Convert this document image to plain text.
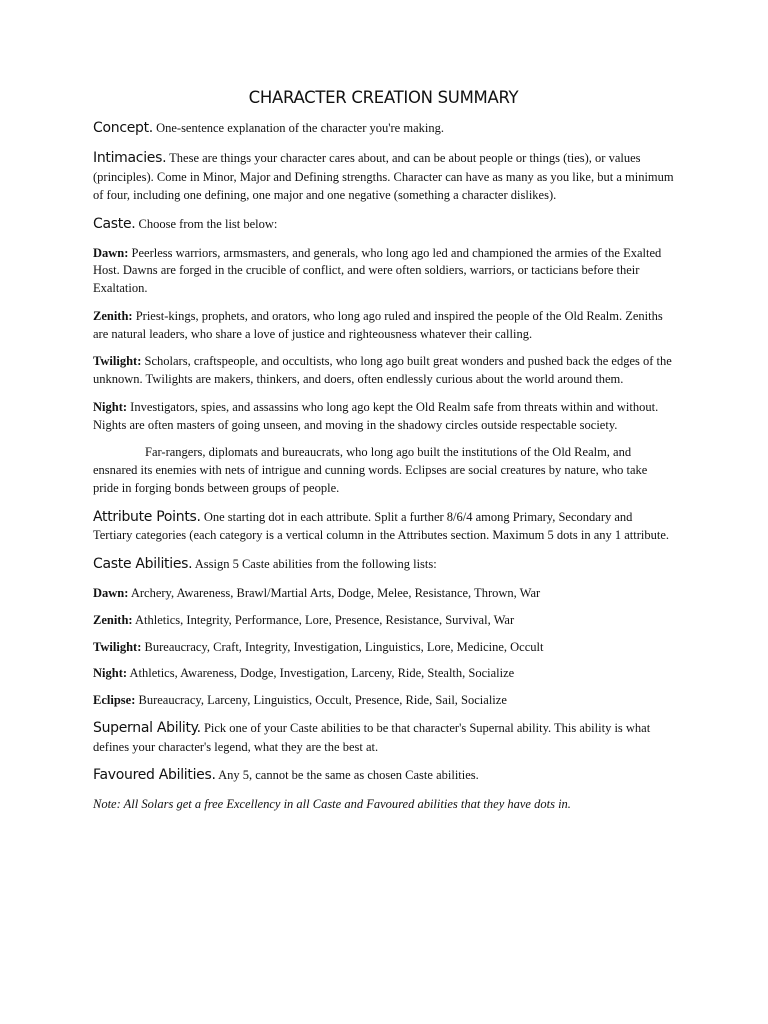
CHARACTER CREATION SUMMARY
Concept. One-sentence explanation of the character you're making.
Intimacies. These are things your character cares about, and can be about people or things (ties), or values (principles). Come in Minor, Major and Defining strengths. Character can have as many as you like, but a minimum of four, including one defining, one major and one negative (something a character dislikes).
Caste. Choose from the list below:
Dawn: Peerless warriors, armsmasters, and generals, who long ago led and championed the armies of the Exalted Host. Dawns are forged in the crucible of conflict, and were often soldiers, warriors, or tacticians before their Exaltation.
Zenith: Priest-kings, prophets, and orators, who long ago ruled and inspired the people of the Old Realm. Zeniths are natural leaders, who share a love of justice and righteousness whatever their calling.
Twilight: Scholars, craftspeople, and occultists, who long ago built great wonders and pushed back the edges of the unknown. Twilights are makers, thinkers, and doers, often endlessly curious about the world around them.
Night: Investigators, spies, and assassins who long ago kept the Old Realm safe from threats within and without. Nights are often masters of going unseen, and moving in the shadowy circles outside respectable society.
Far-rangers, diplomats and bureaucrats, who long ago built the institutions of the Old Realm, and ensnared its enemies with nets of intrigue and cunning words. Eclipses are social creatures by nature, who take pride in forging bonds between groups of people.
Attribute Points. One starting dot in each attribute. Split a further 8/6/4 among Primary, Secondary and Tertiary categories (each category is a vertical column in the Attributes section. Maximum 5 dots in any 1 attribute.
Caste Abilities. Assign 5 Caste abilities from the following lists:
Dawn: Archery, Awareness, Brawl/Martial Arts, Dodge, Melee, Resistance, Thrown, War
Zenith: Athletics, Integrity, Performance, Lore, Presence, Resistance, Survival, War
Twilight: Bureaucracy, Craft, Integrity, Investigation, Linguistics, Lore, Medicine, Occult
Night: Athletics, Awareness, Dodge, Investigation, Larceny, Ride, Stealth, Socialize
Eclipse: Bureaucracy, Larceny, Linguistics, Occult, Presence, Ride, Sail, Socialize
Supernal Ability. Pick one of your Caste abilities to be that character's Supernal ability. This ability is what defines your character's legend, what they are the best at.
Favoured Abilities. Any 5, cannot be the same as chosen Caste abilities.
Note: All Solars get a free Excellency in all Caste and Favoured abilities that they have dots in.
